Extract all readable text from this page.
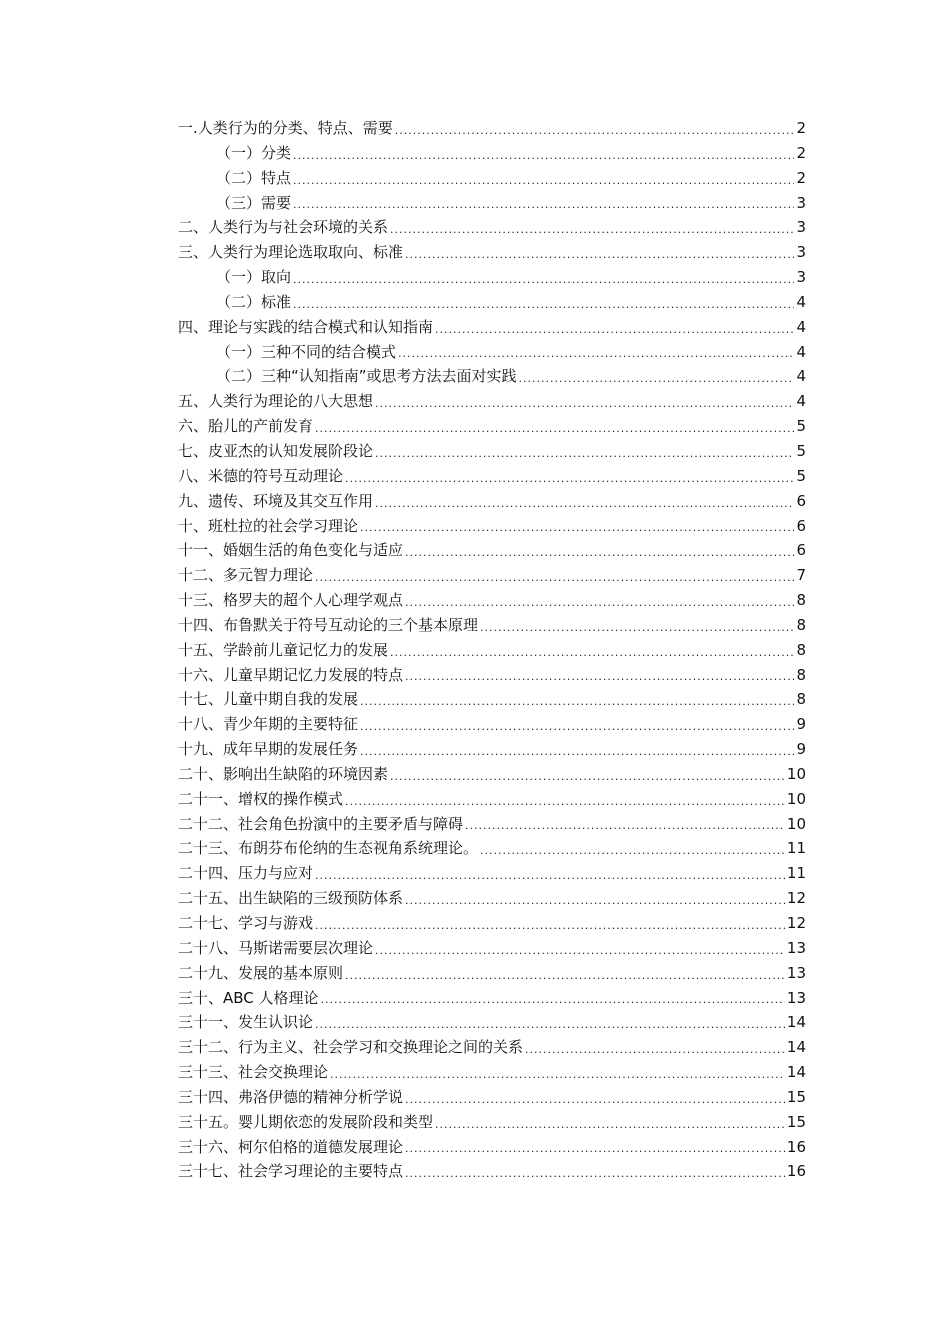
一.人类行为的分类、特点、需要 .....	2
（一）分类 .....	2
（二）特点 .....	2
（三）需要 .....	3
二、人类行为与社会环境的关系 .....	3
三、人类行为理论选取取向、标准 .....	3
（一）取向 .....	3
（二）标准 .....	4
四、理论与实践的结合模式和认知指南 .....	4
（一）三种不同的结合模式 .....	4
（二）三种“认知指南”或思考方法去面对实践 .....	4
五、人类行为理论的八大思想 .....	4
六、胎儿的产前发育 .....	5
七、皮亚杰的认知发展阶段论 .....	5
八、米德的符号互动理论 .....	5
九、遗传、环境及其交互作用 .....	6
十、班杜拉的社会学习理论 .....	6
十一、婚姻生活的角色变化与适应 .....	6
十二、多元智力理论 .....	7
十三、格罗夫的超个人心理学观点 .....	8
十四、布鲁默关于符号互动论的三个基本原理 .....	8
十五、学龄前儿童记忆力的发展 .....	8
十六、儿童早期记忆力发展的特点 .....	8
十七、儿童中期自我的发展 .....	8
十八、青少年期的主要特征 .....	9
十九、成年早期的发展任务 .....	9
二十、影响出生缺陷的环境因素 .....	10
二十一、增权的操作模式 .....	10
二十二、社会角色扮演中的主要矛盾与障碍 .....	10
二十三、布朗芬布伦纳的生态视角系统理论。 .....	11
二十四、压力与应对 .....	11
二十五、出生缺陷的三级预防体系 .....	12
二十七、学习与游戏 .....	12
二十八、马斯诺需要层次理论 .....	13
二十九、发展的基本原则 .....	13
三十、ABC 人格理论 .....	13
三十一、发生认识论 .....	14
三十二、行为主义、社会学习和交换理论之间的关系 .....	14
三十三、社会交换理论 .....	14
三十四、弗洛伊德的精神分析学说 .....	15
三十五。婴儿期依恋的发展阶段和类型 .....	15
三十六、柯尔伯格的道德发展理论 .....	16
三十七、社会学习理论的主要特点 .....	16
